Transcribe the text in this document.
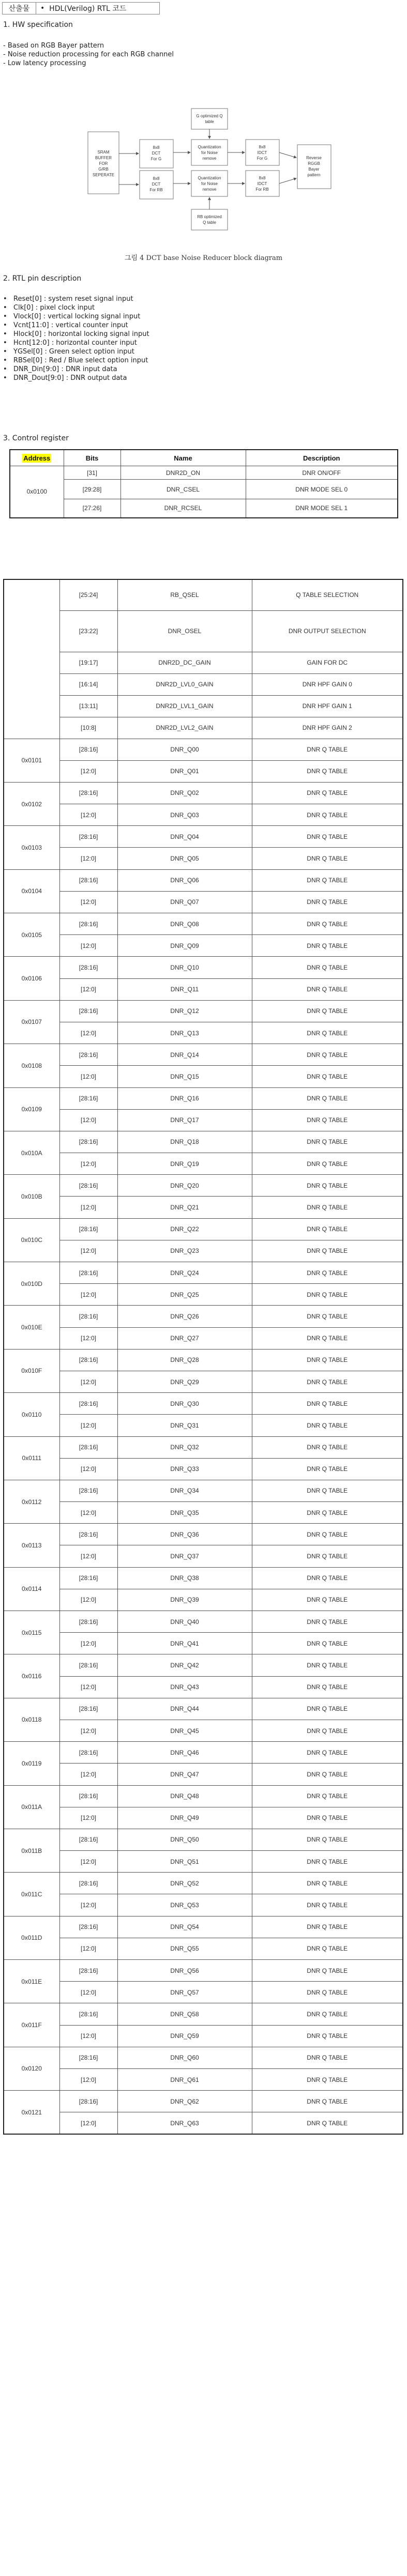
산출물	• HDL(Verilog) RTL 코드
1. HW specification
- Based on RGB Bayer pattern
- Noise reduction processing for each RGB channel
- Low latency processing
SRAM
BUFFER
FOR
G/RB
SEPERATE
8x8
DCT
For G
8x8
DCT
For RB
Quantization
for Noise
remove
Quantization
for Noise
remove
8x8
IDCT
For G
8x8
IDCT
For RB
Reverse
RGGB
Bayer
pattern
G optimized Q
table
RB optimized
Q table
그림 4 DCT base Noise Reducer block diagram
2. RTL pin description
• Reset[0] : system reset signal input
• Clk[0] : pixel clock input
• Vlock[0] : vertical locking signal input
• Vcnt[11:0] : vertical counter input
• Hlock[0] : horizontal locking signal input
• Hcnt[12:0] : horizontal counter input
• YGSel[0] : Green select option input
• RBSel[0] : Red / Blue select option input
• DNR_Din[9:0] : DNR input data
• DNR_Dout[9:0] : DNR output data
3. Control register
Address	Bits	Name	Description
0x0100	[31]	DNR2D_ON	DNR ON/OFF
	[29:28]	DNR_CSEL	DNR MODE SEL 0
	[27:26]	DNR_RCSEL	DNR MODE SEL 1
	[25:24]	RB_QSEL	Q TABLE SELECTION
	[23:22]	DNR_OSEL	DNR OUTPUT SELECTION
	[19:17]	DNR2D_DC_GAIN	GAIN FOR DC
	[16:14]	DNR2D_LVL0_GAIN	DNR HPF GAIN 0
	[13:11]	DNR2D_LVL1_GAIN	DNR HPF GAIN 1
	[10:8]	DNR2D_LVL2_GAIN	DNR HPF GAIN 2
0x0101	[28:16]	DNR_Q00	DNR Q TABLE
	[12:0]	DNR_Q01	DNR Q TABLE
0x0102	[28:16]	DNR_Q02	DNR Q TABLE
	[12:0]	DNR_Q03	DNR Q TABLE
0x0103	[28:16]	DNR_Q04	DNR Q TABLE
	[12:0]	DNR_Q05	DNR Q TABLE
0x0104	[28:16]	DNR_Q06	DNR Q TABLE
	[12:0]	DNR_Q07	DNR Q TABLE
0x0105	[28:16]	DNR_Q08	DNR Q TABLE
	[12:0]	DNR_Q09	DNR Q TABLE
0x0106	[28:16]	DNR_Q10	DNR Q TABLE
	[12:0]	DNR_Q11	DNR Q TABLE
0x0107	[28:16]	DNR_Q12	DNR Q TABLE
	[12:0]	DNR_Q13	DNR Q TABLE
0x0108	[28:16]	DNR_Q14	DNR Q TABLE
	[12:0]	DNR_Q15	DNR Q TABLE
0x0109	[28:16]	DNR_Q16	DNR Q TABLE
	[12:0]	DNR_Q17	DNR Q TABLE
0x010A	[28:16]	DNR_Q18	DNR Q TABLE
	[12:0]	DNR_Q19	DNR Q TABLE
0x010B	[28:16]	DNR_Q20	DNR Q TABLE
	[12:0]	DNR_Q21	DNR Q TABLE
0x010C	[28:16]	DNR_Q22	DNR Q TABLE
	[12:0]	DNR_Q23	DNR Q TABLE
0x010D	[28:16]	DNR_Q24	DNR Q TABLE
	[12:0]	DNR_Q25	DNR Q TABLE
0x010E	[28:16]	DNR_Q26	DNR Q TABLE
	[12:0]	DNR_Q27	DNR Q TABLE
0x010F	[28:16]	DNR_Q28	DNR Q TABLE
	[12:0]	DNR_Q29	DNR Q TABLE
0x0110	[28:16]	DNR_Q30	DNR Q TABLE
	[12:0]	DNR_Q31	DNR Q TABLE
0x0111	[28:16]	DNR_Q32	DNR Q TABLE
	[12:0]	DNR_Q33	DNR Q TABLE
0x0112	[28:16]	DNR_Q34	DNR Q TABLE
	[12:0]	DNR_Q35	DNR Q TABLE
0x0113	[28:16]	DNR_Q36	DNR Q TABLE
	[12:0]	DNR_Q37	DNR Q TABLE
0x0114	[28:16]	DNR_Q38	DNR Q TABLE
	[12:0]	DNR_Q39	DNR Q TABLE
0x0115	[28:16]	DNR_Q40	DNR Q TABLE
	[12:0]	DNR_Q41	DNR Q TABLE
0x0116	[28:16]	DNR_Q42	DNR Q TABLE
	[12:0]	DNR_Q43	DNR Q TABLE
0x0118	[28:16]	DNR_Q44	DNR Q TABLE
	[12:0]	DNR_Q45	DNR Q TABLE
0x0119	[28:16]	DNR_Q46	DNR Q TABLE
	[12:0]	DNR_Q47	DNR Q TABLE
0x011A	[28:16]	DNR_Q48	DNR Q TABLE
	[12:0]	DNR_Q49	DNR Q TABLE
0x011B	[28:16]	DNR_Q50	DNR Q TABLE
	[12:0]	DNR_Q51	DNR Q TABLE
0x011C	[28:16]	DNR_Q52	DNR Q TABLE
	[12:0]	DNR_Q53	DNR Q TABLE
0x011D	[28:16]	DNR_Q54	DNR Q TABLE
	[12:0]	DNR_Q55	DNR Q TABLE
0x011E	[28:16]	DNR_Q56	DNR Q TABLE
	[12:0]	DNR_Q57	DNR Q TABLE
0x011F	[28:16]	DNR_Q58	DNR Q TABLE
	[12:0]	DNR_Q59	DNR Q TABLE
0x0120	[28:16]	DNR_Q60	DNR Q TABLE
	[12:0]	DNR_Q61	DNR Q TABLE
0x0121	[28:16]	DNR_Q62	DNR Q TABLE
	[12:0]	DNR_Q63	DNR Q TABLE
